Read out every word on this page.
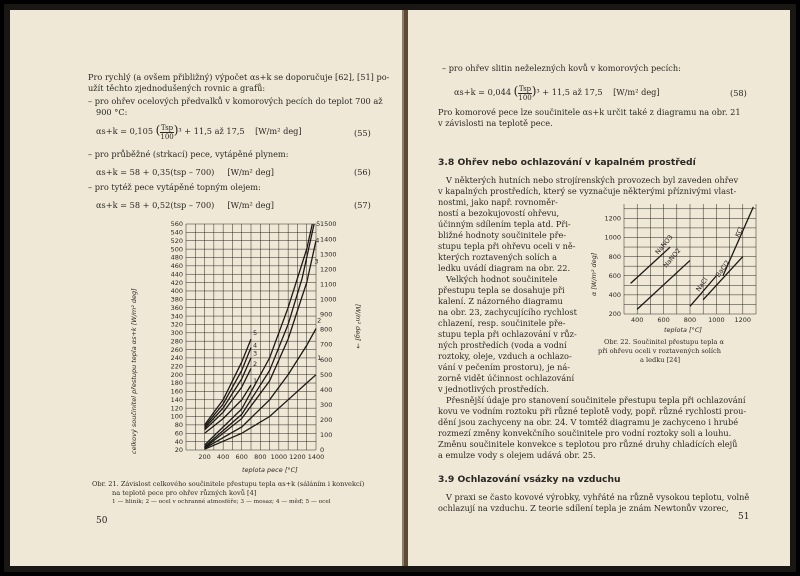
Pro rychlý (a ovšem přibližný) výpočet αs+k se doporučuje [62], [51] po-
užít těchto zjednodušených rovnic a grafů:
– pro ohřev ocelových předvalků v komorových pecích do teplot 700 až
900 °C:
αs+k = 0,105 ( $\frac{\text{Tsp}}{100} )^3 + 11,5$ až 17,5 [W/m² deg]	(55)
– pro průběžné (strkací) pece, vytápěné plynem:
αs+k = 58 + 0,35(tsp – 700) [W/m² deg]	(56)
– pro tytéž pece vytápěné topným olejem:
αs+k = 58 + 0,52(tsp – 700) [W/m² deg]	(57)
20
40
60
80
100
120
140
160
180
200
220
240
260
280
300
320
340
360
380
400
420
440
460
480
500
520
540
560
0
100
200
300
400
500
600
700
800
900
1000
1100
1200
1300
1400
1500
200 400 600 800 1000 1200 1400
5
4
3
2
1
5
4
3
2
1
celkový součinitel přestupu tepla αs+k [W/m² deg]	[W/m² deg] →
teplota pece [°C]
Obr. 21. Závislost celkového součinitele přestupu tepla αs+k (sáláním i konvekcí)
na teplotě pece pro ohřev různých kovů [4]
1 — hliník; 2 — ocel v ochranné atmosféře; 3 — mosaz; 4 — měď; 5 — ocel
50
– pro ohřev slitin neželezných kovů v komorových pecích:
αs+k = 0,044 ( $\frac{\text{Tsp}}{100} )^3 + 11,5$ až 17,5 [W/m² deg]	(58)
Pro komorové pece lze součinitele αs+k určit také z diagramu na obr. 21
v závislosti na teplotě pece.
3.8 Ohřev nebo ochlazování v kapalném prostředí
V některých hutních nebo strojírenských provozech byl zaveden ohřev
v kapalných prostředích, který se vyznačuje některými příznivými vlast-
nostmi, jako např. rovnoměr-
ností a bezokujovostí ohřevu,
účinným sdílením tepla atd. Při-
bližné hodnoty součinitele pře-
stupu tepla při ohřevu oceli v ně-
kterých roztavených solích a
ledku uvádí diagram na obr. 22.
Velkých hodnot součinitele
přestupu tepla se dosahuje při
kalení. Z názorného diagramu
na obr. 23, zachycujícího rychlost
chlazení, resp. součinitele pře-
stupu tepla při ochlazování v růz-
ných prostředích (voda a vodní
roztoky, oleje, vzduch a ochlazo-
vání v pečením prostoru), je ná-
zorně vidět účinnost ochlazování
v jednotlivých prostředích.
Přesnější údaje pro stanovení součinitele přestupu tepla při ochlazování
kovu ve vodním roztoku při různé teplotě vody, popř. různé rychlosti prou-
dění jsou zachyceny na obr. 24. V tomtéž diagramu je zachyceno i hrubé
rozmezí změny konvekčního součinitele pro vodní roztoky soli a louhu.
Změnu součinitele konvekce s teplotou pro různé druhy chladících elejů
a emulze vody s olejem udává obr. 25.
3.9 Ochlazování vsázky na vzduchu
V praxi se často kovové výrobky, vyhřáté na různě vysokou teplotu, volně
ochlazují na vzduchu. Z teorie sdílení tepla je znám Newtonův vzorec,
200
400
600
800
1000
1200
400 600 800 1000 1200
NaNO3
NaNO2
NaCl
BaCl2
KCl
α [W/m² deg]
teplota [°C]
Obr. 22. Součinitel přestupu tepla α
při ohřevu oceli v roztavených solích
a ledku [24]
51
